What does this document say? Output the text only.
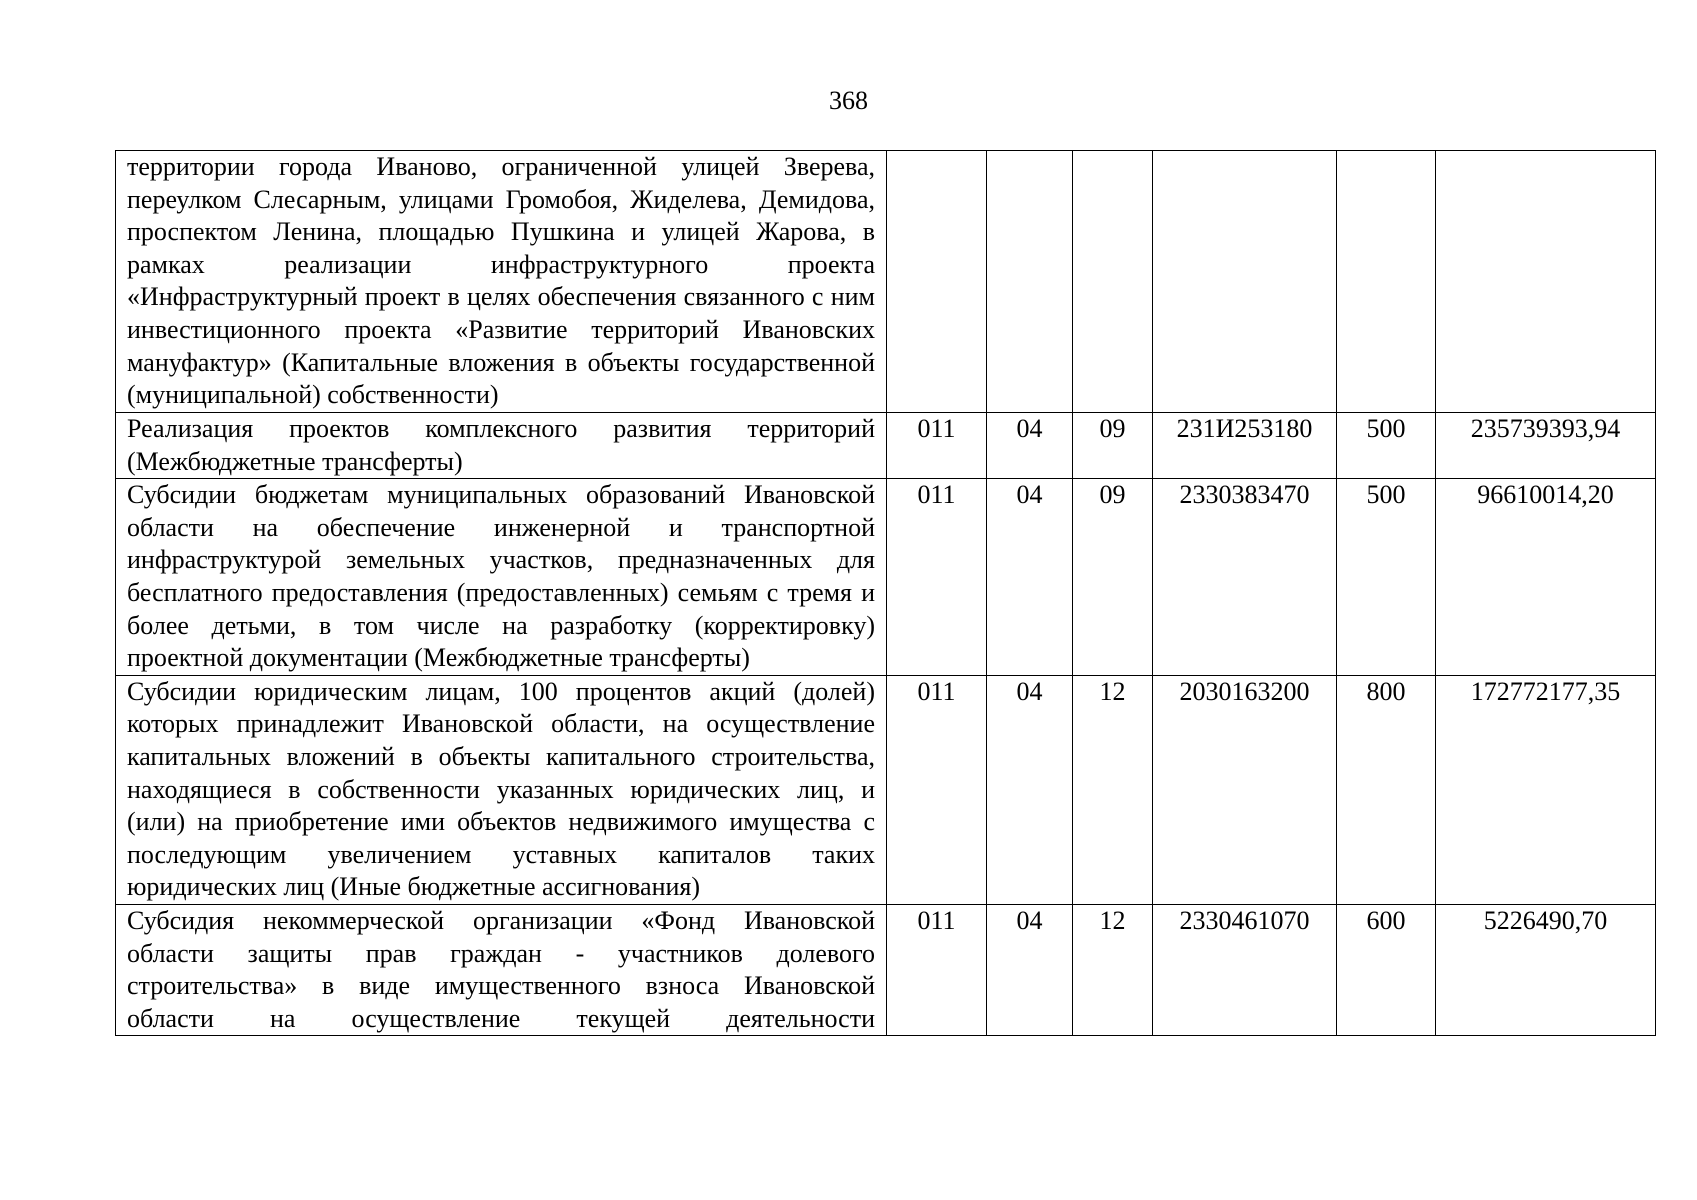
368
территории города Иваново, ограниченной улицей Зверева, переулком Слесарным, улицами Громобоя, Жиделева, Демидова, проспектом Ленина, площадью Пушкина и улицей Жарова, в рамках реализации инфраструктурного проекта «Инфраструктурный проект в целях обеспечения связанного с ним инвестиционного проекта «Развитие территорий Ивановских мануфактур» (Капитальные вложения в объекты государственной (муниципальной) собственности)						
Реализация проектов комплексного развития территорий (Межбюджетные трансферты)	011	04	09	231И253180	500	235739393,94
Субсидии бюджетам муниципальных образований Ивановской области на обеспечение инженерной и транспортной инфраструктурой земельных участков, предназначенных для бесплатного предоставления (предоставленных) семьям с тремя и более детьми, в том числе на разработку (корректировку) проектной документации (Межбюджетные трансферты)	011	04	09	2330383470	500	96610014,20
Субсидии юридическим лицам, 100 процентов акций (долей) которых принадлежит Ивановской области, на осуществление капитальных вложений в объекты капитального строительства, находящиеся в собственности указанных юридических лиц, и (или) на приобретение ими объектов недвижимого имущества с последующим увеличением уставных капиталов таких юридических лиц (Иные бюджетные ассигнования)	011	04	12	2030163200	800	172772177,35
Субсидия некоммерческой организации «Фонд Ивановской области защиты прав граждан - участников долевого строительства» в виде имущественного взноса Ивановской области на осуществление текущей деятельности	011	04	12	2330461070	600	5226490,70
